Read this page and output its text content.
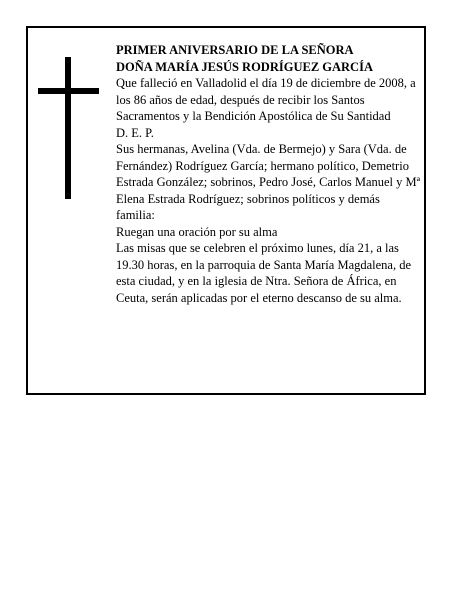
PRIMER ANIVERSARIO DE LA SEÑORA

DOÑA MARÍA JESÚS RODRÍGUEZ GARCÍA

Que falleció en Valladolid el día 19 de diciembre de 2008, a los 86 años de edad, después de recibir los Santos Sacramentos y la Bendición Apostólica de Su Santidad

D. E. P.

Sus hermanas, Avelina (Vda. de Bermejo) y Sara (Vda. de Fernández) Rodríguez García; hermano político, Demetrio Estrada González; sobrinos, Pedro José, Carlos Manuel y Mª Elena Estrada Rodríguez; sobrinos políticos y demás familia:

Ruegan una oración por su alma

Las misas que se celebren el próximo lunes, día 21, a las 19.30 horas, en la parroquia de Santa María Magdalena, de esta ciudad, y en la iglesia de Ntra. Señora de África, en Ceuta, serán aplicadas por el eterno descanso de su alma.
